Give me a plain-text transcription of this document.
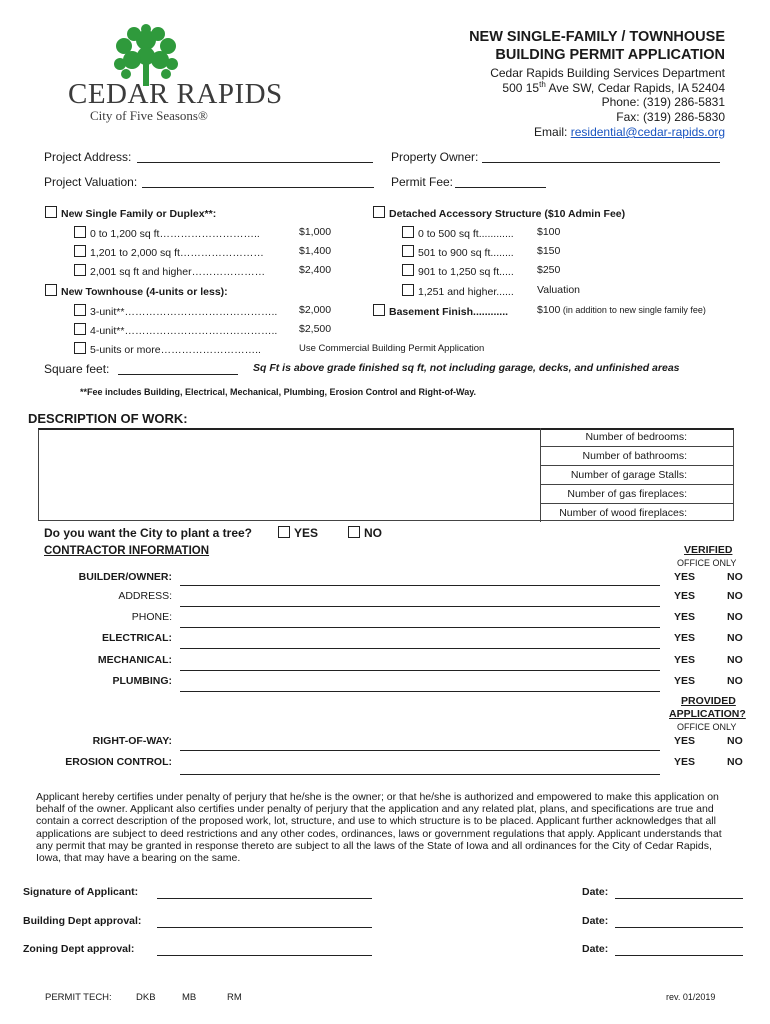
CEDAR RAPIDS
City of Five Seasons®
NEW SINGLE-FAMILY / TOWNHOUSE
BUILDING PERMIT APPLICATION
Cedar Rapids Building Services Department
500 15th Ave SW, Cedar Rapids, IA 52404
Phone: (319) 286-5831
Fax: (319) 286-5830
Email: residential@cedar-rapids.org
Project Address:	Property Owner:
Project Valuation:	Permit Fee:
New Single Family or Duplex**:
0 to 1,200 sq ft………………………..	$1,000
1,201 to 2,000 sq ft……………………	$1,400
2,001 sq ft and higher…………………	$2,400
New Townhouse (4-units or less):
3-unit**…………………………………….. $2,000
4-unit**…………………………………….. $2,500
5-units or more………………………..	Use Commercial Building Permit Application
Detached Accessory Structure ($10 Admin Fee)
0 to 500 sq ft............ $100
501 to 900 sq ft........ $150
901 to 1,250 sq ft..... $250
1,251 and higher...... Valuation
Basement Finish............	$100 (in addition to new single family fee)
Square feet:	Sq Ft is above grade finished sq ft, not including garage, decks, and unfinished areas
**Fee includes Building, Electrical, Mechanical, Plumbing, Erosion Control and Right-of-Way.
DESCRIPTION OF WORK:
Number of bedrooms:
Number of bathrooms:
Number of garage Stalls:
Number of gas fireplaces:
Number of wood fireplaces:
Do you want the City to plant a tree?	YES	NO
CONTRACTOR INFORMATION	VERIFIED
OFFICE ONLY
BUILDER/OWNER:	YES	NO
ADDRESS:	YES	NO
PHONE:	YES	NO
ELECTRICAL:	YES	NO
MECHANICAL:	YES	NO
PLUMBING:	YES	NO
PROVIDED
APPLICATION?
OFFICE ONLY
RIGHT-OF-WAY:	YES	NO
EROSION CONTROL:	YES	NO
Applicant hereby certifies under penalty of perjury that he/she is the owner; or that he/she is authorized and empowered to make this application on behalf of the owner. Applicant also certifies under penalty of perjury that the application and any related plat, plans, and specifications are true and contain a correct description of the proposed work, lot, structure, and use to which structure is to be placed. Applicant further acknowledges that all applications are subject to deed restrictions and any other codes, ordinances, laws or government regulations that apply. Applicant understands that any permit that may be granted in response thereto are subject to all the laws of the State of Iowa and all ordinances for the City of Cedar Rapids, Iowa, that may have a bearing on the same.
Signature of Applicant:	Date:
Building Dept approval:	Date:
Zoning Dept approval:	Date:
PERMIT TECH:	DKB	MB	RM	rev. 01/2019
